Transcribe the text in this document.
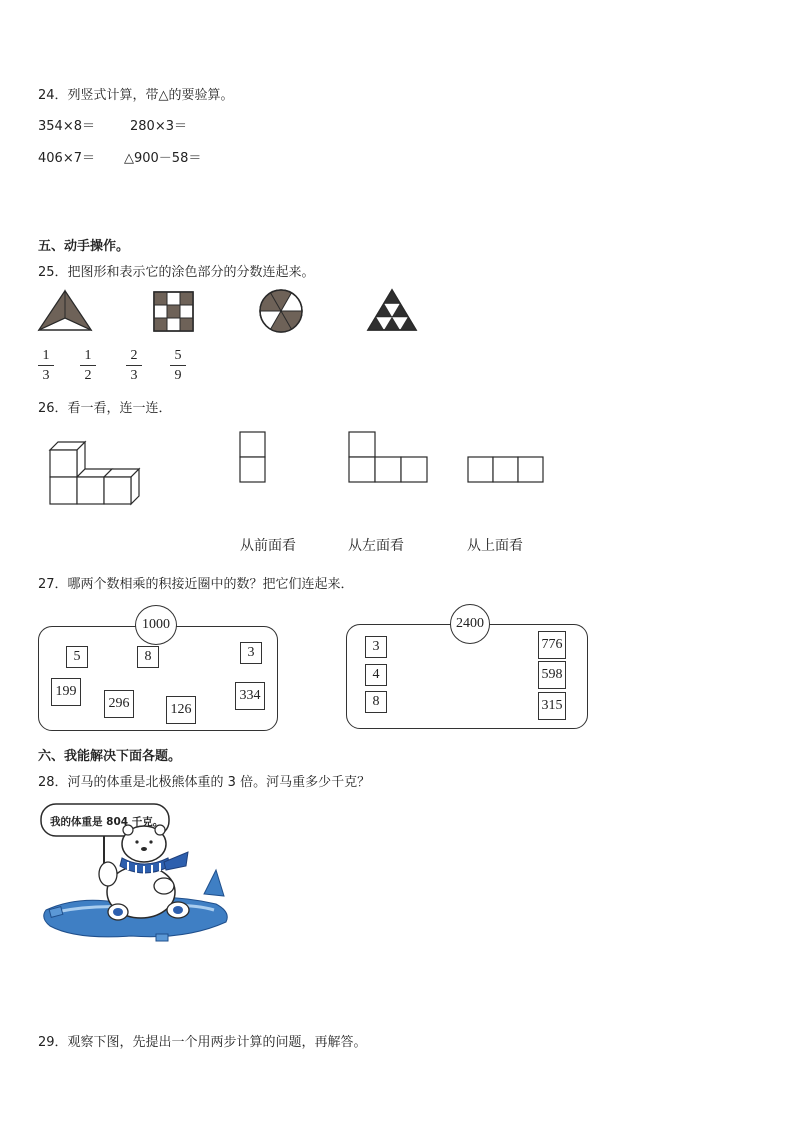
24．列竖式计算，带△的要验算。
354×8＝	280×3＝
406×7＝ △900－58＝
五、动手操作。
25．把图形和表示它的涂色部分的分数连起来。
1
3
1
2
2
3
5
9
26．看一看，连一连．
从前面看	从左面看	从上面看
27．哪两个数相乘的积接近圈中的数？把它们连起来．
1000
5	8	3
199
296	126
334
2400
3
4
8
776
598
315
六、我能解决下面各题。
28．河马的体重是北极熊体重的 3 倍。河马重多少千克？
我的体重是 804 千克。
29．观察下图，先提出一个用两步计算的问题，再解答。
